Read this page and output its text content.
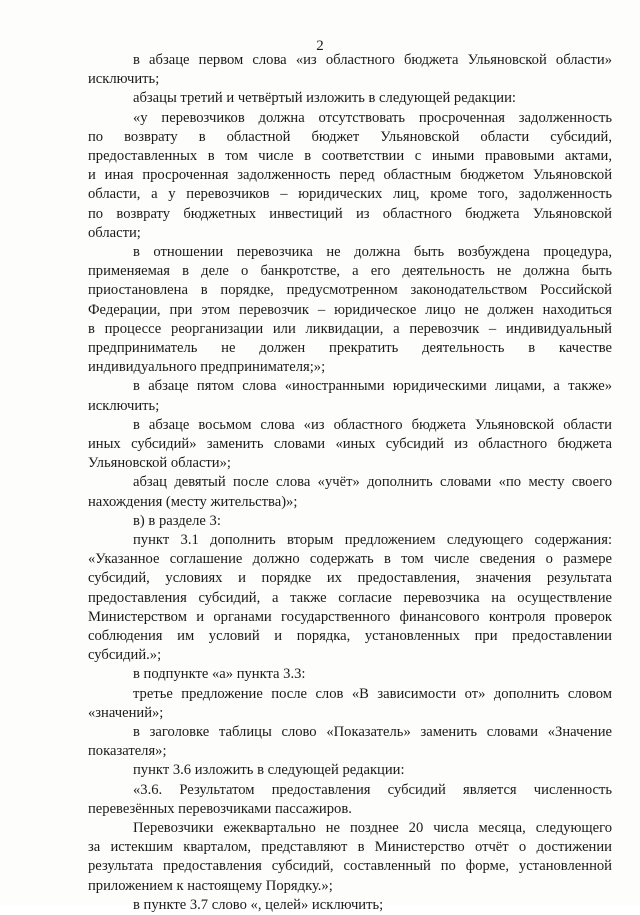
2
в абзаце первом слова «из областного бюджета Ульяновской области»
исключить;
абзацы третий и четвёртый изложить в следующей редакции:
«у перевозчиков должна отсутствовать просроченная задолженность
по возврату в областной бюджет Ульяновской области субсидий,
предоставленных в том числе в соответствии с иными правовыми актами,
и иная просроченная задолженность перед областным бюджетом Ульяновской
области, а у перевозчиков – юридических лиц, кроме того, задолженность
по возврату бюджетных инвестиций из областного бюджета Ульяновской
области;
в отношении перевозчика не должна быть возбуждена процедура,
применяемая в деле о банкротстве, а его деятельность не должна быть
приостановлена в порядке, предусмотренном законодательством Российской
Федерации, при этом перевозчик – юридическое лицо не должен находиться
в процессе реорганизации или ликвидации, а перевозчик – индивидуальный
предприниматель не должен прекратить деятельность в качестве
индивидуального предпринимателя;»;
в абзаце пятом слова «иностранными юридическими лицами, а также»
исключить;
в абзаце восьмом слова «из областного бюджета Ульяновской области
иных субсидий» заменить словами «иных субсидий из областного бюджета
Ульяновской области»;
абзац девятый после слова «учёт» дополнить словами «по месту своего
нахождения (месту жительства)»;
в) в разделе 3:
пункт 3.1 дополнить вторым предложением следующего содержания:
«Указанное соглашение должно содержать в том числе сведения о размере
субсидий, условиях и порядке их предоставления, значения результата
предоставления субсидий, а также согласие перевозчика на осуществление
Министерством и органами государственного финансового контроля проверок
соблюдения им условий и порядка, установленных при предоставлении
субсидий.»;
в подпункте «а» пункта 3.3:
третье предложение после слов «В зависимости от» дополнить словом
«значений»;
в заголовке таблицы слово «Показатель» заменить словами «Значение
показателя»;
пункт 3.6 изложить в следующей редакции:
«3.6. Результатом предоставления субсидий является численность
перевезённых перевозчиками пассажиров.
Перевозчики ежеквартально не позднее 20 числа месяца, следующего
за истекшим кварталом, представляют в Министерство отчёт о достижении
результата предоставления субсидий, составленный по форме, установленной
приложением к настоящему Порядку.»;
в пункте 3.7 слово «, целей» исключить;
